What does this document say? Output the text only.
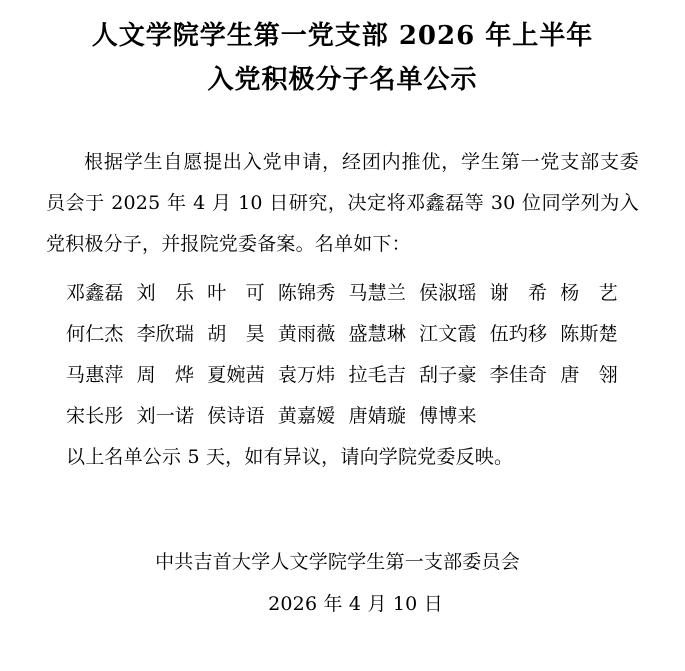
人文学院学生第一党支部 2026 年上半年
入党积极分子名单公示

根据学生自愿提出入党申请，经团内推优，学生第一党支部支委员会于 2025 年 4 月 10 日研究，决定将邓鑫磊等 30 位同学列为入党积极分子，并报院党委备案。名单如下：

邓鑫磊 刘　乐 叶　可 陈锦秀 马慧兰 侯淑瑶 谢　希 杨　艺
何仁杰 李欣瑞 胡　昊 黄雨薇 盛慧琳 江文霞 伍玓移 陈斯楚
马惠萍 周　烨 夏婉茜 袁万炜 拉毛吉 刮子豪 李佳奇 唐　翎
宋长彤 刘一诺 侯诗语 黄嘉嫒 唐婧璇 傅博来

以上名单公示 5 天，如有异议，请向学院党委反映。

中共吉首大学人文学院学生第一支部委员会
2026 年 4 月 10 日
